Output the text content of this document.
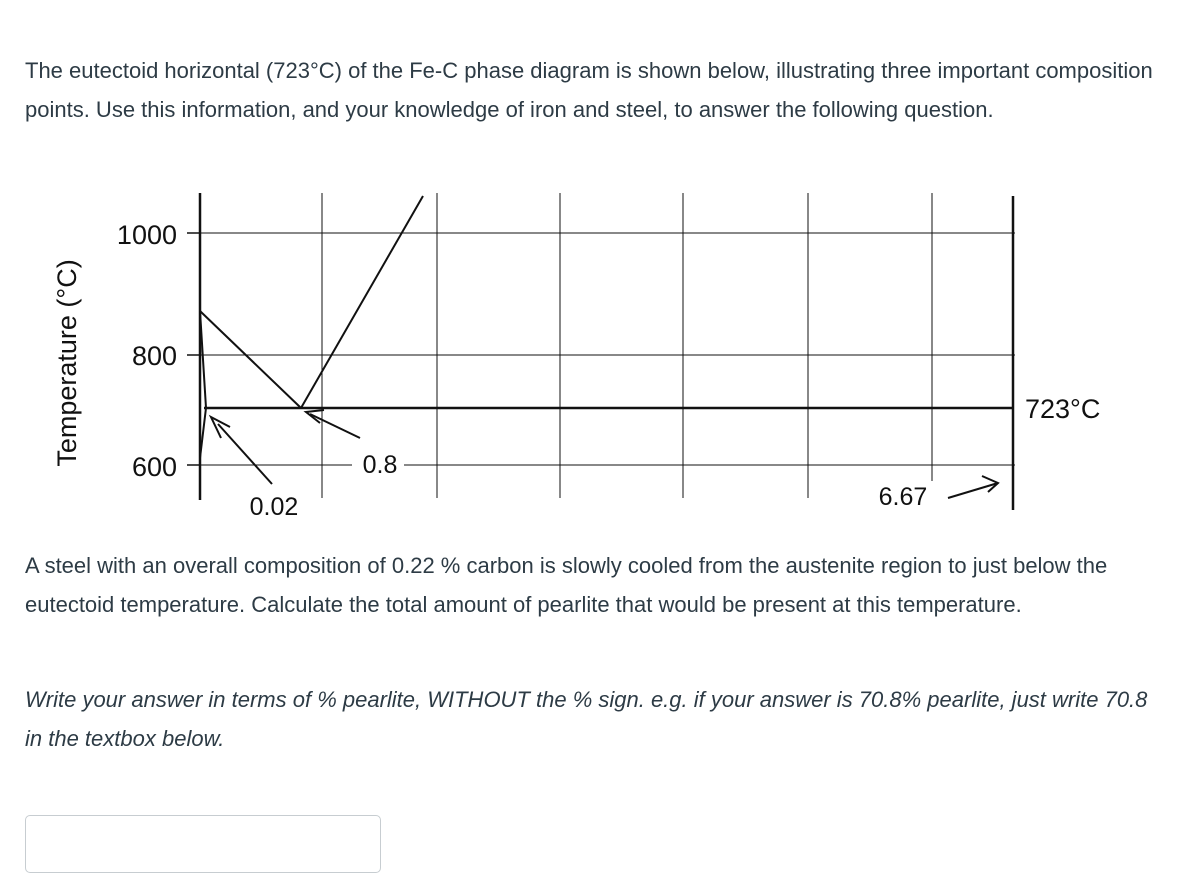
The eutectoid horizontal (723°C) of the Fe-C phase diagram is shown below, illustrating three important composition points. Use this information, and your knowledge of iron and steel, to answer the following question.

Temperature (°C)
1000
800
600
723°C
0.02
0.8
6.67

A steel with an overall composition of 0.22 % carbon is slowly cooled from the austenite region to just below the eutectoid temperature. Calculate the total amount of pearlite that would be present at this temperature.

Write your answer in terms of % pearlite, WITHOUT the % sign. e.g. if your answer is 70.8% pearlite, just write 70.8 in the textbox below.
